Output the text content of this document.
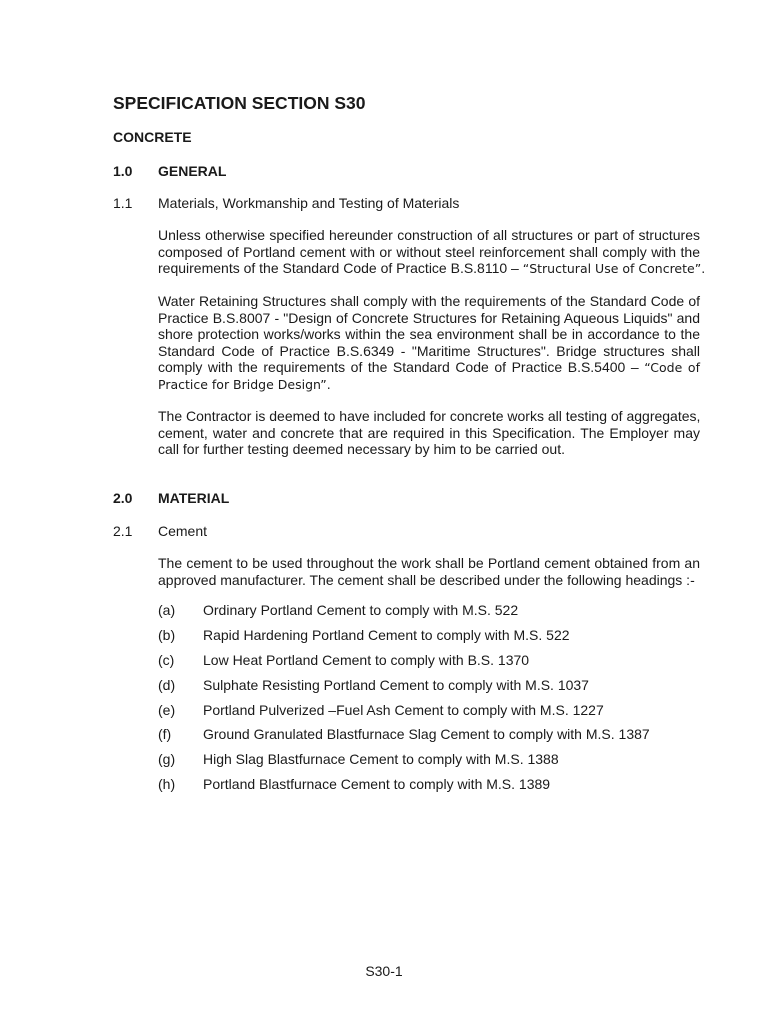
SPECIFICATION SECTION S30
CONCRETE
1.0 GENERAL
1.1 Materials, Workmanship and Testing of Materials
Unless otherwise specified hereunder construction of all structures or part of structures
composed of Portland cement with or without steel reinforcement shall comply with the
requirements of the Standard Code of Practice B.S.8110 – “Structural Use of Concrete”.
Water Retaining Structures shall comply with the requirements of the Standard Code of
Practice B.S.8007 - "Design of Concrete Structures for Retaining Aqueous Liquids" and
shore protection works/works within the sea environment shall be in accordance to the
Standard Code of Practice B.S.6349 - "Maritime Structures". Bridge structures shall
comply with the requirements of the Standard Code of Practice B.S.5400 – “Code of
Practice for Bridge Design”.
The Contractor is deemed to have included for concrete works all testing of aggregates,
cement, water and concrete that are required in this Specification. The Employer may
call for further testing deemed necessary by him to be carried out.
2.0 MATERIAL
2.1 Cement
The cement to be used throughout the work shall be Portland cement obtained from an
approved manufacturer. The cement shall be described under the following headings :-
(a) Ordinary Portland Cement to comply with M.S. 522
(b) Rapid Hardening Portland Cement to comply with M.S. 522
(c) Low Heat Portland Cement to comply with B.S. 1370
(d) Sulphate Resisting Portland Cement to comply with M.S. 1037
(e) Portland Pulverized –Fuel Ash Cement to comply with M.S. 1227
(f) Ground Granulated Blastfurnace Slag Cement to comply with M.S. 1387
(g) High Slag Blastfurnace Cement to comply with M.S. 1388
(h) Portland Blastfurnace Cement to comply with M.S. 1389
S30-1
